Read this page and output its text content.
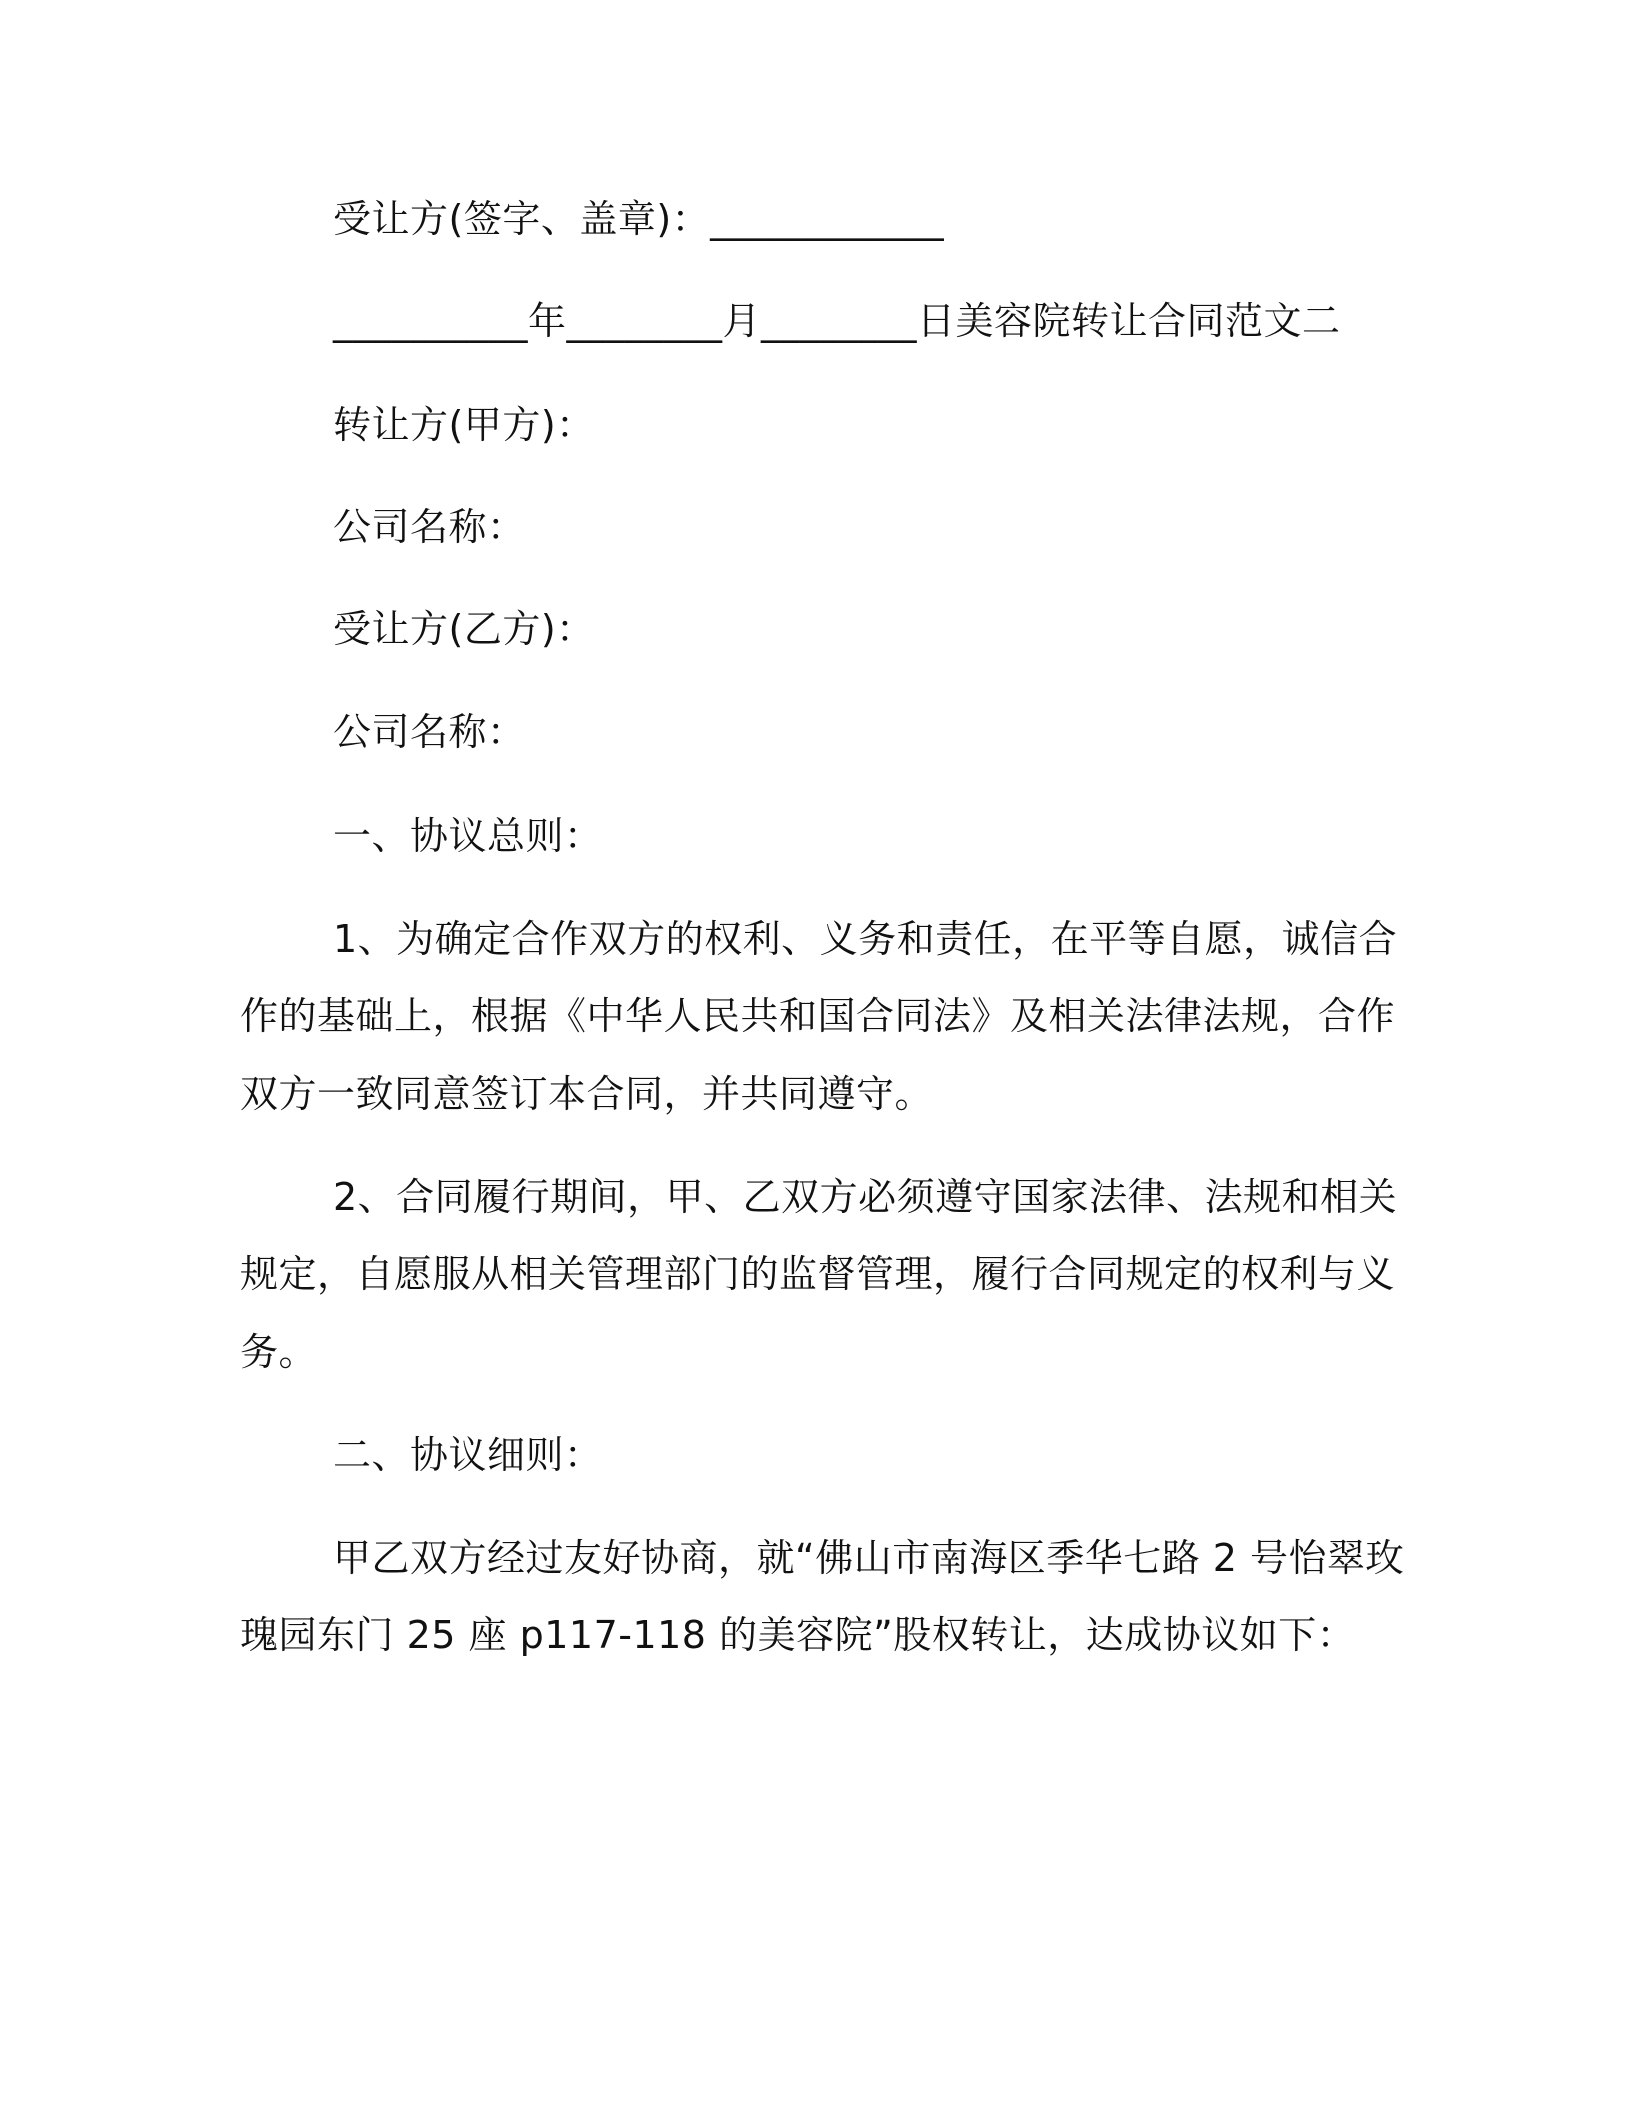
受让方(签字、盖章)：____________
__________年________月________日美容院转让合同范文二
转让方(甲方)：
公司名称：
受让方(乙方)：
公司名称：
一、协议总则：
1、为确定合作双方的权利、义务和责任，在平等自愿，诚信合
作的基础上，根据《中华人民共和国合同法》及相关法律法规，合作
双方一致同意签订本合同，并共同遵守。
2、合同履行期间，甲、乙双方必须遵守国家法律、法规和相关
规定，自愿服从相关管理部门的监督管理，履行合同规定的权利与义
务。
二、协议细则：
甲乙双方经过友好协商，就“佛山市南海区季华七路 2 号怡翠玫
瑰园东门 25 座 p117-118 的美容院”股权转让，达成协议如下：
